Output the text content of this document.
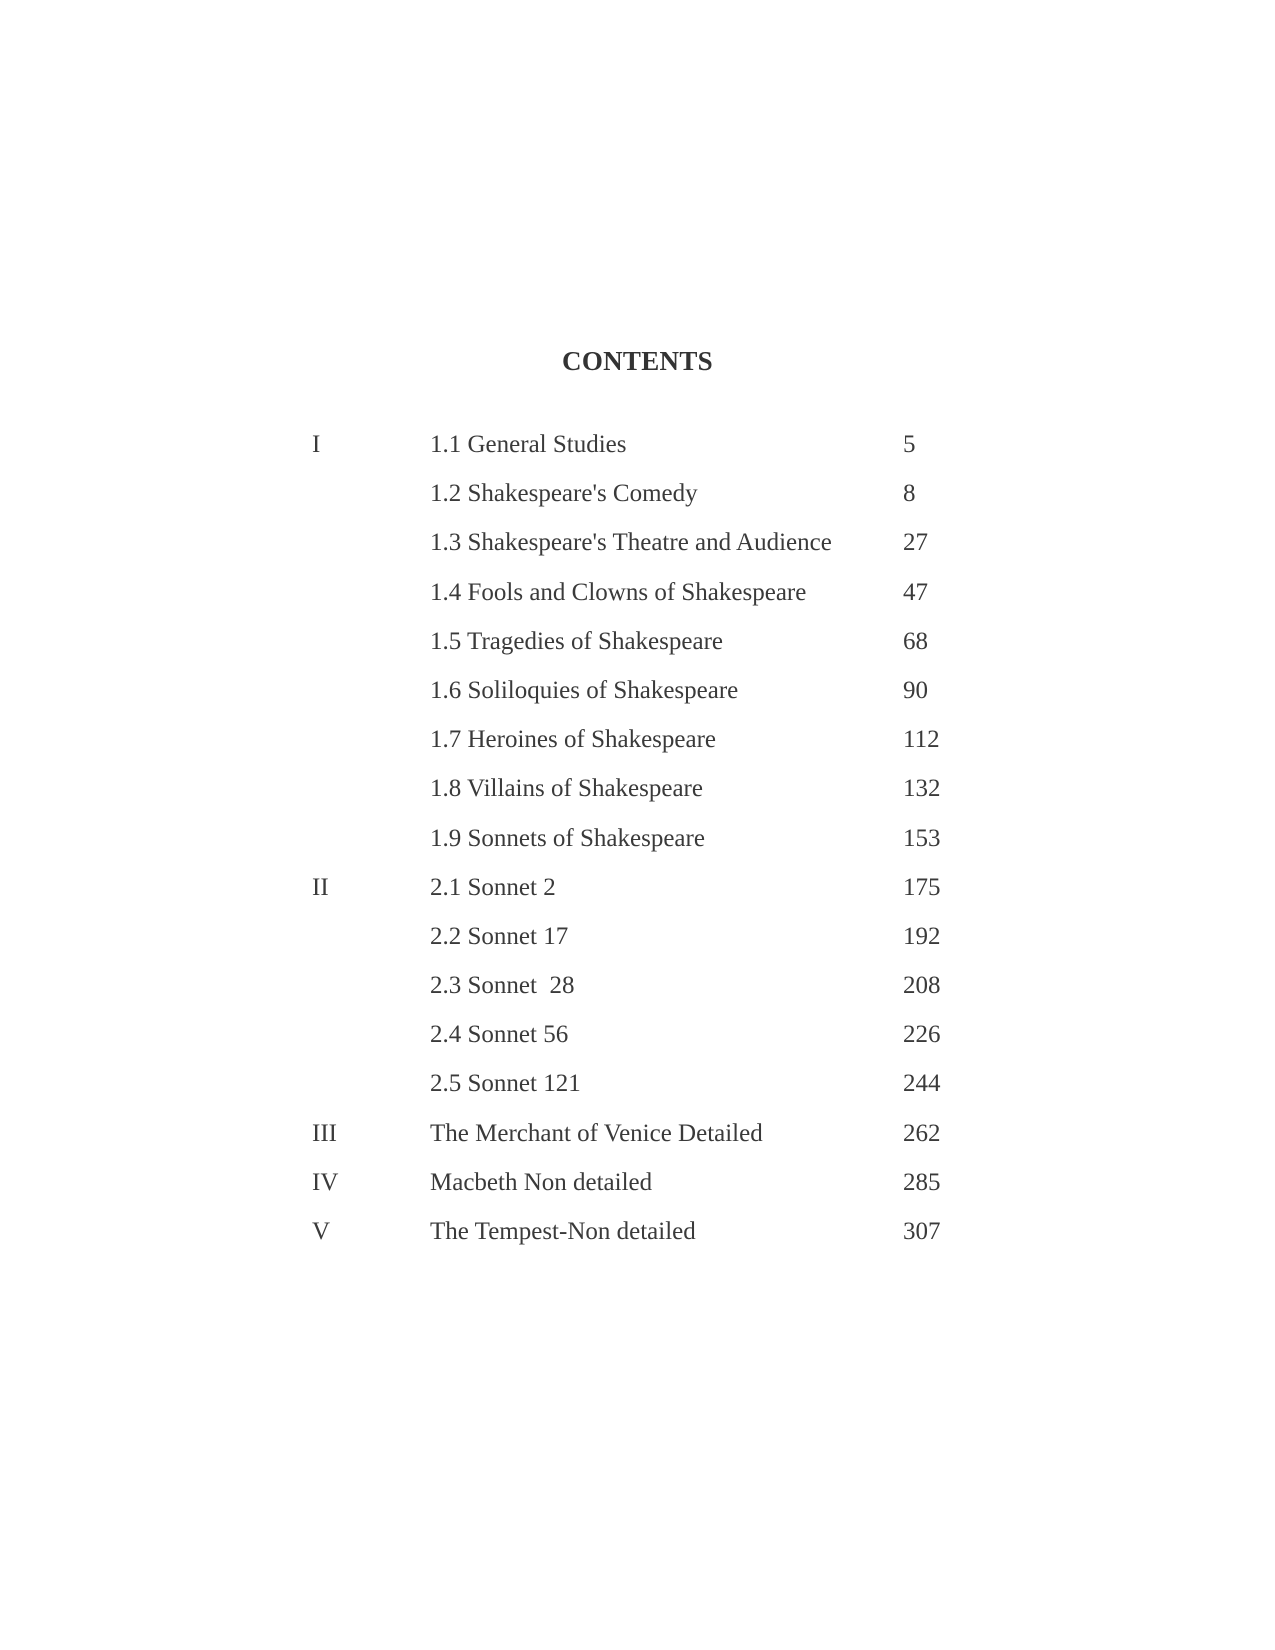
CONTENTS
I	1.1 General Studies	5
1.2 Shakespeare's Comedy	8
1.3 Shakespeare's Theatre and Audience	27
1.4 Fools and Clowns of Shakespeare	47
1.5 Tragedies of Shakespeare	68
1.6 Soliloquies of Shakespeare	90
1.7 Heroines of Shakespeare	112
1.8 Villains of Shakespeare	132
1.9 Sonnets of Shakespeare	153
II	2.1 Sonnet 2	175
2.2 Sonnet 17	192
2.3 Sonnet  28	208
2.4 Sonnet 56	226
2.5 Sonnet 121	244
III	The Merchant of Venice Detailed	262
IV	Macbeth Non detailed	285
V	The Tempest-Non detailed	307
